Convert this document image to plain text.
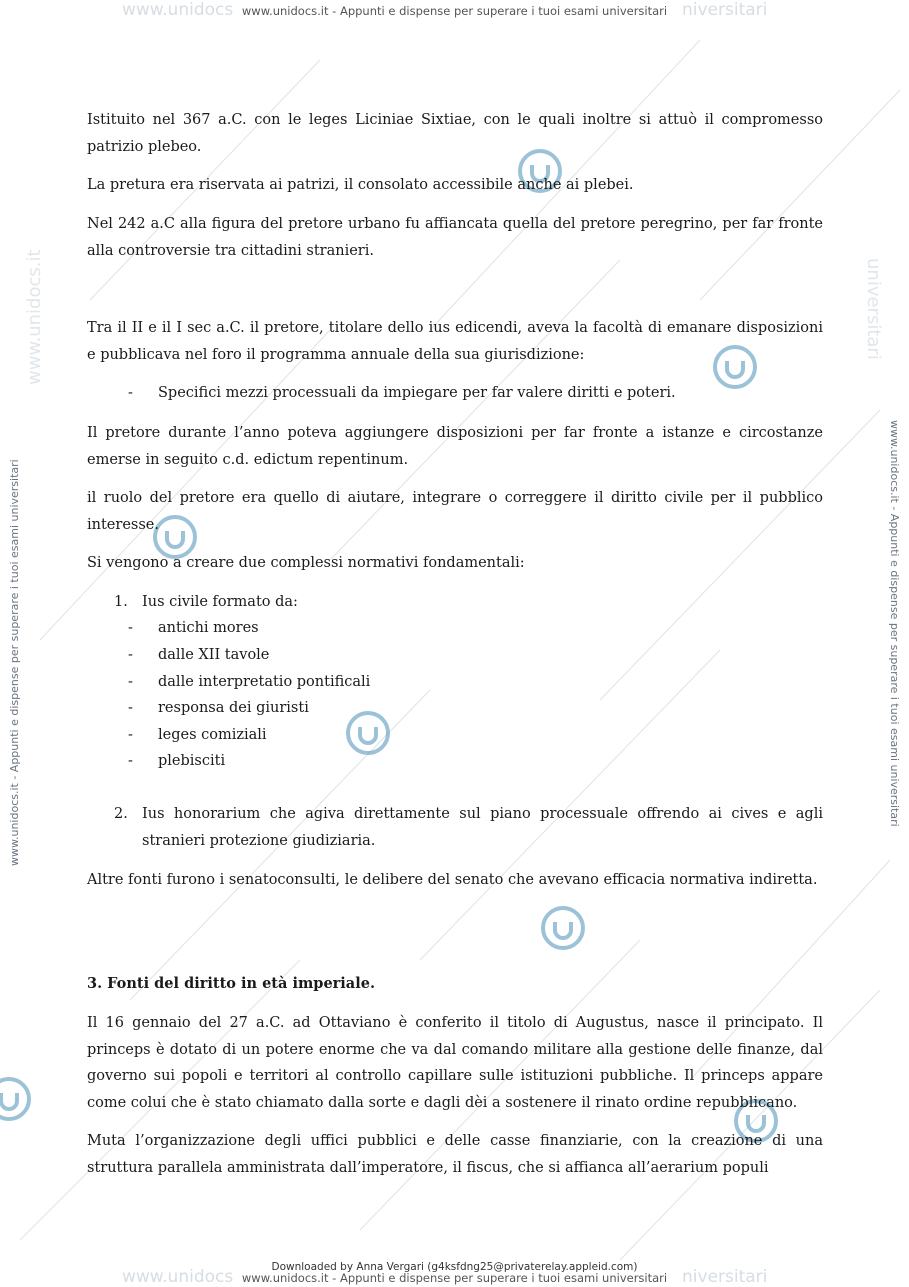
www.unidocs www.unidocs.it - Appunti e dispense per superare i tuoi esami universitari niversitari
www.unidocs.it	universitari
www.unidocs.it - Appunti e dispense per superare i tuoi esami universitari	www.unidocs.it - Appunti e dispense per superare i tuoi esami universitari

Istituito nel 367 a.C. con le leges Liciniae Sixtiae, con le quali inoltre si attuò il compromesso patrizio plebeo.

La pretura era riservata ai patrizi, il consolato accessibile anche ai plebei.

Nel 242 a.C alla figura del pretore urbano fu affiancata quella del pretore peregrino, per far fronte alla controversie tra cittadini stranieri.

Tra il II e il I sec a.C. il pretore, titolare dello ius edicendi, aveva la facoltà di emanare disposizioni e pubblicava nel foro il programma annuale della sua giurisdizione:

- Specifici mezzi processuali da impiegare per far valere diritti e poteri.

Il pretore durante l’anno poteva aggiungere disposizioni per far fronte a istanze e circostanze emerse in seguito c.d. edictum repentinum.

il ruolo del pretore era quello di aiutare, integrare o correggere il diritto civile per il pubblico interesse.

Si vengono a creare due complessi normativi fondamentali:

1. Ius civile formato da:

- antichi mores

- dalle XII tavole

- dalle interpretatio pontificali

- responsa dei giuristi

- leges comiziali

- plebisciti

2. Ius honorarium che agiva direttamente sul piano processuale offrendo ai cives e agli stranieri protezione giudiziaria.

Altre fonti furono i senatoconsulti, le delibere del senato che avevano efficacia normativa indiretta.

3. Fonti del diritto in età imperiale.

Il 16 gennaio del 27 a.C. ad Ottaviano è conferito il titolo di Augustus, nasce il principato. Il princeps è dotato di un potere enorme che va dal comando militare alla gestione delle finanze, dal governo sui popoli e territori al controllo capillare sulle istituzioni pubbliche. Il princeps appare come colui che è stato chiamato dalla sorte e dagli dèi a sostenere il rinato ordine repubblicano.

Muta l’organizzazione degli uffici pubblici e delle casse finanziarie, con la creazione di una struttura parallela amministrata dall’imperatore, il fiscus, che si affianca all’aerarium populi

Downloaded by Anna Vergari (g4ksfdng25@privaterelay.appleid.com)
www.unidocs www.unidocs.it - Appunti e dispense per superare i tuoi esami universitari niversitari
